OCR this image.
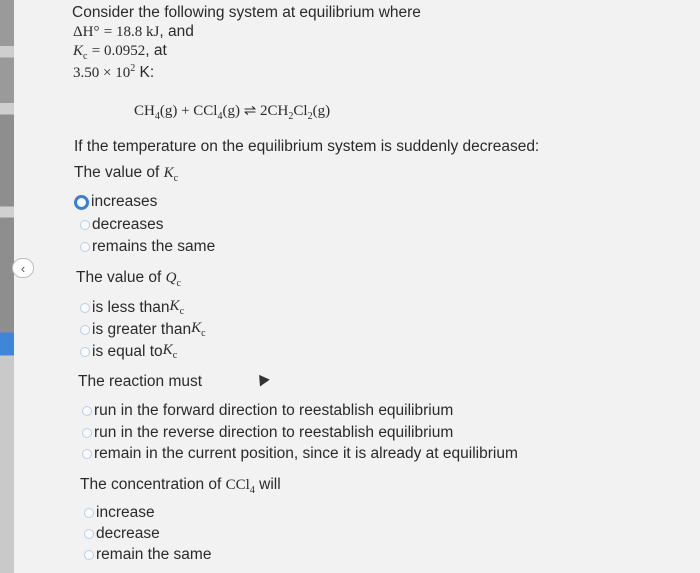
‹
Consider the following system at equilibrium where
ΔH° = 18.8 kJ, and
$K_c = 0.0952$, at
$3.50 \times 10^2$ K:
$CH_4(g) + CCl_4(g)$ ⇌ $2CH_2Cl_2(g)$
If the temperature on the equilibrium system is suddenly decreased:
The value of $K_c$
increases
decreases
remains the same
The value of $Q_c$
is less than $K_c$
is greater than $K_c$
is equal to $K_c$
The reaction must
run in the forward direction to reestablish equilibrium
run in the reverse direction to reestablish equilibrium
remain in the current position, since it is already at equilibrium
The concentration of CCl$_4$ will
increase
decrease
remain the same
